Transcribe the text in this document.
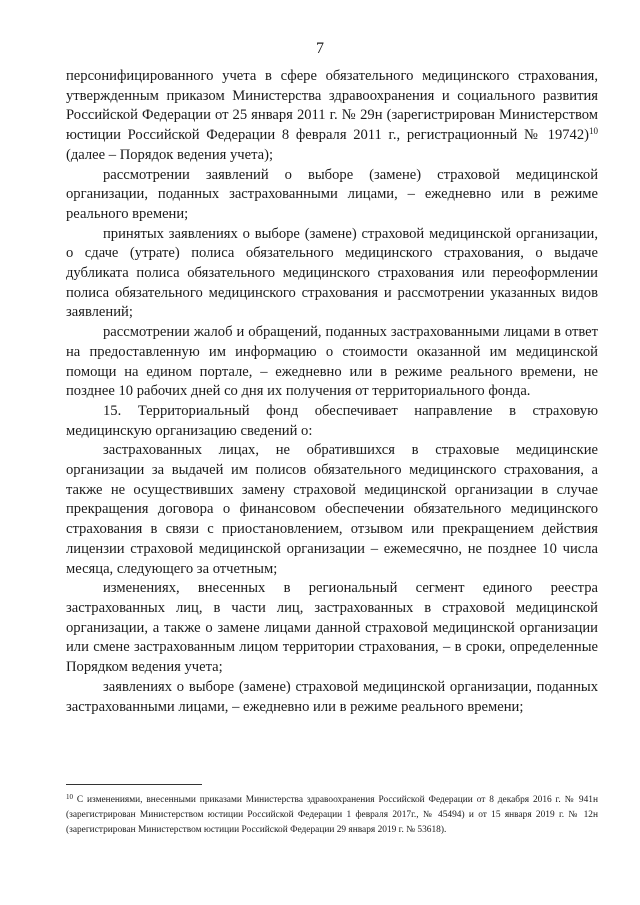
7

персонифицированного учета в сфере обязательного медицинского страхования, утвержденным приказом Министерства здравоохранения и социального развития Российской Федерации от 25 января 2011 г. № 29н (зарегистрирован Министерством юстиции Российской Федерации 8 февраля 2011 г., регистрационный № 19742)$^{10}$ (далее – Порядок ведения учета);

рассмотрении заявлений о выборе (замене) страховой медицинской организации, поданных застрахованными лицами, – ежедневно или в режиме реального времени;

принятых заявлениях о выборе (замене) страховой медицинской организации, о сдаче (утрате) полиса обязательного медицинского страхования, о выдаче дубликата полиса обязательного медицинского страхования или переоформлении полиса обязательного медицинского страхования и рассмотрении указанных видов заявлений;

рассмотрении жалоб и обращений, поданных застрахованными лицами в ответ на предоставленную им информацию о стоимости оказанной им медицинской помощи на едином портале, – ежедневно или в режиме реального времени, не позднее 10 рабочих дней со дня их получения от территориального фонда.

15. Территориальный фонд обеспечивает направление в страховую медицинскую организацию сведений о:

застрахованных лицах, не обратившихся в страховые медицинские организации за выдачей им полисов обязательного медицинского страхования, а также не осуществивших замену страховой медицинской организации в случае прекращения договора о финансовом обеспечении обязательного медицинского страхования в связи с приостановлением, отзывом или прекращением действия лицензии страховой медицинской организации – ежемесячно, не позднее 10 числа месяца, следующего за отчетным;

изменениях, внесенных в региональный сегмент единого реестра застрахованных лиц, в части лиц, застрахованных в страховой медицинской организации, а также о замене лицами данной страховой медицинской организации или смене застрахованным лицом территории страхования, – в сроки, определенные Порядком ведения учета;

заявлениях о выборе (замене) страховой медицинской организации, поданных застрахованными лицами, – ежедневно или в режиме реального времени;

$^{10}$ С изменениями, внесенными приказами Министерства здравоохранения Российской Федерации от 8 декабря 2016 г. № 941н (зарегистрирован Министерством юстиции Российской Федерации 1 февраля 2017г., № 45494) и от 15 января 2019 г. № 12н (зарегистрирован Министерством юстиции Российской Федерации 29 января 2019 г. № 53618).
